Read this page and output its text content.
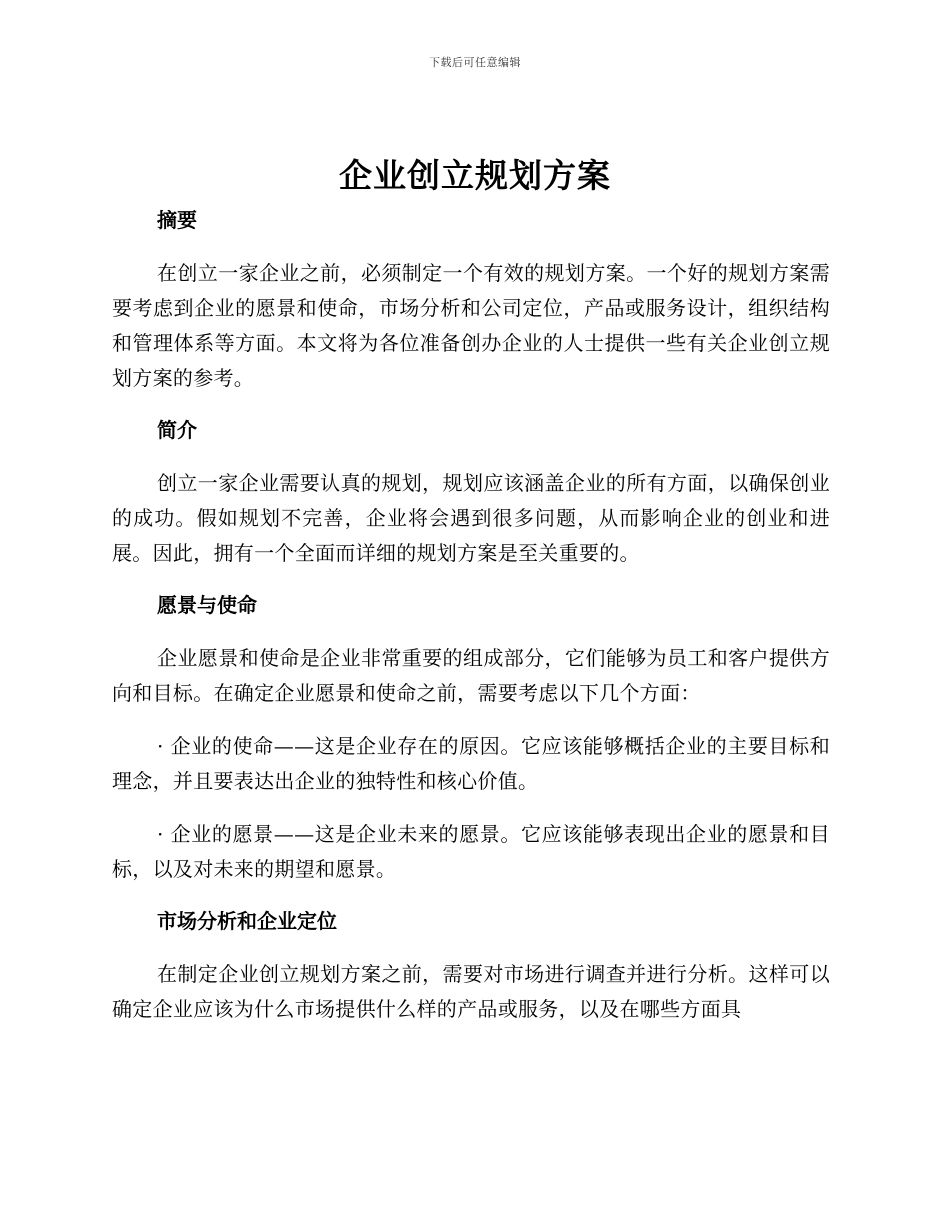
下载后可任意编辑
企业创立规划方案
摘要

在创立一家企业之前，必须制定一个有效的规划方案。一个好的规划方案需要考虑到企业的愿景和使命，市场分析和公司定位，产品或服务设计，组织结构和管理体系等方面。本文将为各位准备创办企业的人士提供一些有关企业创立规划方案的参考。

简介

创立一家企业需要认真的规划，规划应该涵盖企业的所有方面，以确保创业的成功。假如规划不完善，企业将会遇到很多问题，从而影响企业的创业和进展。因此，拥有一个全面而详细的规划方案是至关重要的。

愿景与使命

企业愿景和使命是企业非常重要的组成部分，它们能够为员工和客户提供方向和目标。在确定企业愿景和使命之前，需要考虑以下几个方面：

· 企业的使命——这是企业存在的原因。它应该能够概括企业的主要目标和理念，并且要表达出企业的独特性和核心价值。

· 企业的愿景——这是企业未来的愿景。它应该能够表现出企业的愿景和目标，以及对未来的期望和愿景。

市场分析和企业定位

在制定企业创立规划方案之前，需要对市场进行调查并进行分析。这样可以确定企业应该为什么市场提供什么样的产品或服务，以及在哪些方面具
